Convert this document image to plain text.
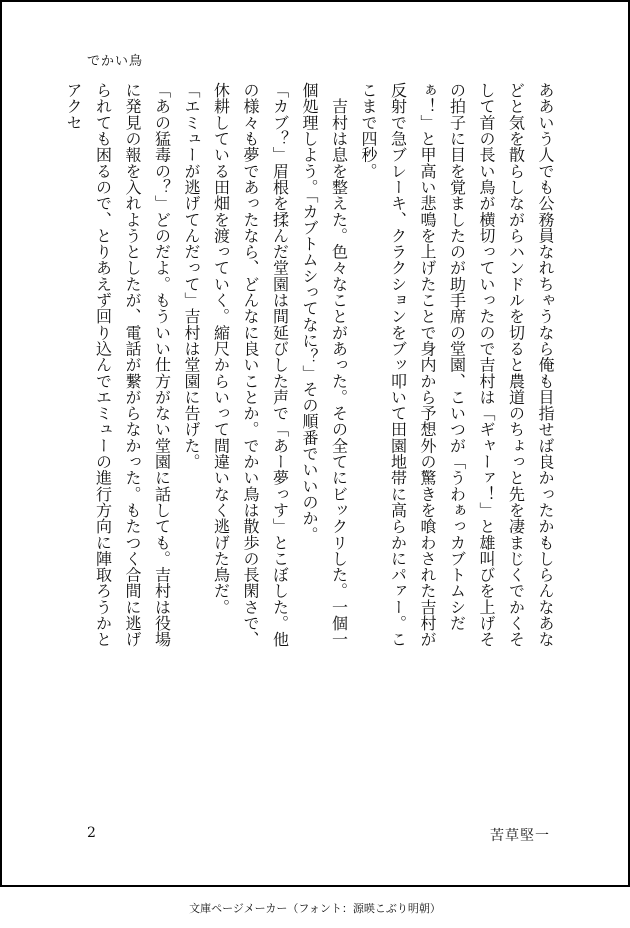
でかい鳥

ああいう人でも公務員なれちゃうなら俺も目指せば良かったかもしらんなあなどと気を散らしながらハンドルを切ると農道のちょっと先を凄まじくでかくそして首の長い鳥が横切っていったので吉村は「ギャーァ！」と雄叫びを上げその拍子に目を覚ましたのが助手席の堂園、こいつが「うわぁっカブトムシだぁ！」と甲高い悲鳴を上げたことで身内から予想外の驚きを喰わされた吉村が反射で急ブレーキ、クラクションをブッ叩いて田園地帯に高らかにパァー。ここまで四秒。

　吉村は息を整えた。色々なことがあった。その全てにビックリした。一個一個処理しよう。「カブトムシってなに？」その順番でいいのか。

「カブ？」眉根を揉んだ堂園は間延びした声で「あー夢っす」とこぼした。他の様々も夢であったなら、どんなに良いことか。でかい鳥は散歩の長閑さで、休耕している田畑を渡っていく。縮尺からいって間違いなく逃げた鳥だ。

「エミューが逃げてんだって」吉村は堂園に告げた。

「あの猛毒の？」どのだよ。もういい仕方がない堂園に話しても。吉村は役場に発見の報を入れようとしたが、電話が繋がらなかった。もたつく合間に逃げられても困るので、とりあえず回り込んでエミューの進行方向に陣取ろうかとアクセ

2	苦草堅一
文庫ページメーカー（フォント：源暎こぶり明朝）
